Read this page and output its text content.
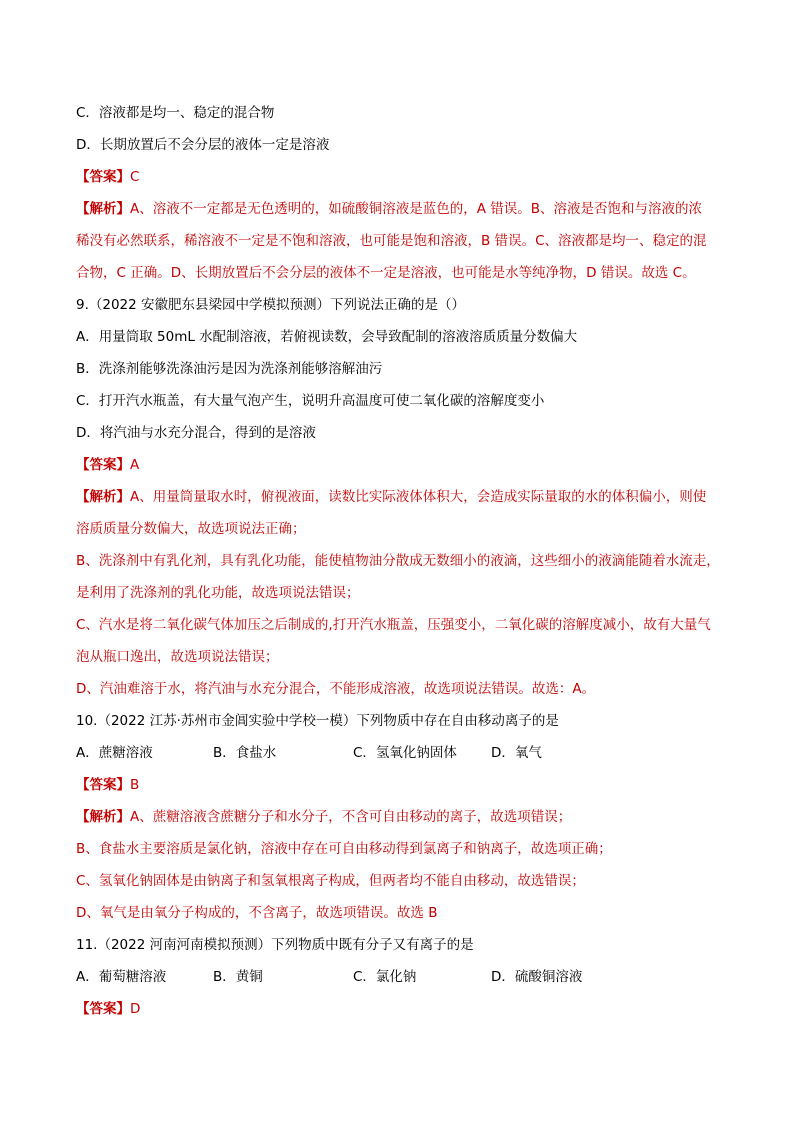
C．溶液都是均一、稳定的混合物
D．长期放置后不会分层的液体一定是溶液
【答案】C
【解析】A、溶液不一定都是无色透明的，如硫酸铜溶液是蓝色的，A 错误。B、溶液是否饱和与溶液的浓
稀没有必然联系，稀溶液不一定是不饱和溶液，也可能是饱和溶液，B 错误。C、溶液都是均一、稳定的混
合物，C 正确。D、长期放置后不会分层的液体不一定是溶液，也可能是水等纯净物，D 错误。故选 C。
9.（2022 安徽肥东县梁园中学模拟预测）下列说法正确的是（）
A．用量筒取 50mL 水配制溶液，若俯视读数，会导致配制的溶液溶质质量分数偏大
B．洗涤剂能够洗涤油污是因为洗涤剂能够溶解油污
C．打开汽水瓶盖，有大量气泡产生，说明升高温度可使二氧化碳的溶解度变小
D．将汽油与水充分混合，得到的是溶液
【答案】A
【解析】A、用量筒量取水时，俯视液面，读数比实际液体体积大，会造成实际量取的水的体积偏小，则使
溶质质量分数偏大，故选项说法正确；
B、洗涤剂中有乳化剂，具有乳化功能，能使植物油分散成无数细小的液滴，这些细小的液滴能随着水流走，
是利用了洗涤剂的乳化功能，故选项说法错误；
C、汽水是将二氧化碳气体加压之后制成的,打开汽水瓶盖，压强变小，二氧化碳的溶解度减小，故有大量气
泡从瓶口逸出，故选项说法错误；
D、汽油难溶于水，将汽油与水充分混合，不能形成溶液，故选项说法错误。故选：A。
10.（2022 江苏·苏州市金阊实验中学校一模）下列物质中存在自由移动离子的是
A．蔗糖溶液	B．食盐水	C．氢氧化钠固体	D．氧气
【答案】B
【解析】A、蔗糖溶液含蔗糖分子和水分子，不含可自由移动的离子，故选项错误；
B、食盐水主要溶质是氯化钠，溶液中存在可自由移动得到氯离子和钠离子，故选项正确；
C、氢氧化钠固体是由钠离子和氢氧根离子构成，但两者均不能自由移动，故选错误；
D、氧气是由氧分子构成的，不含离子，故选项错误。故选 B
11.（2022 河南河南模拟预测）下列物质中既有分子又有离子的是
A．葡萄糖溶液	B．黄铜	C．氯化钠	D．硫酸铜溶液
【答案】D
